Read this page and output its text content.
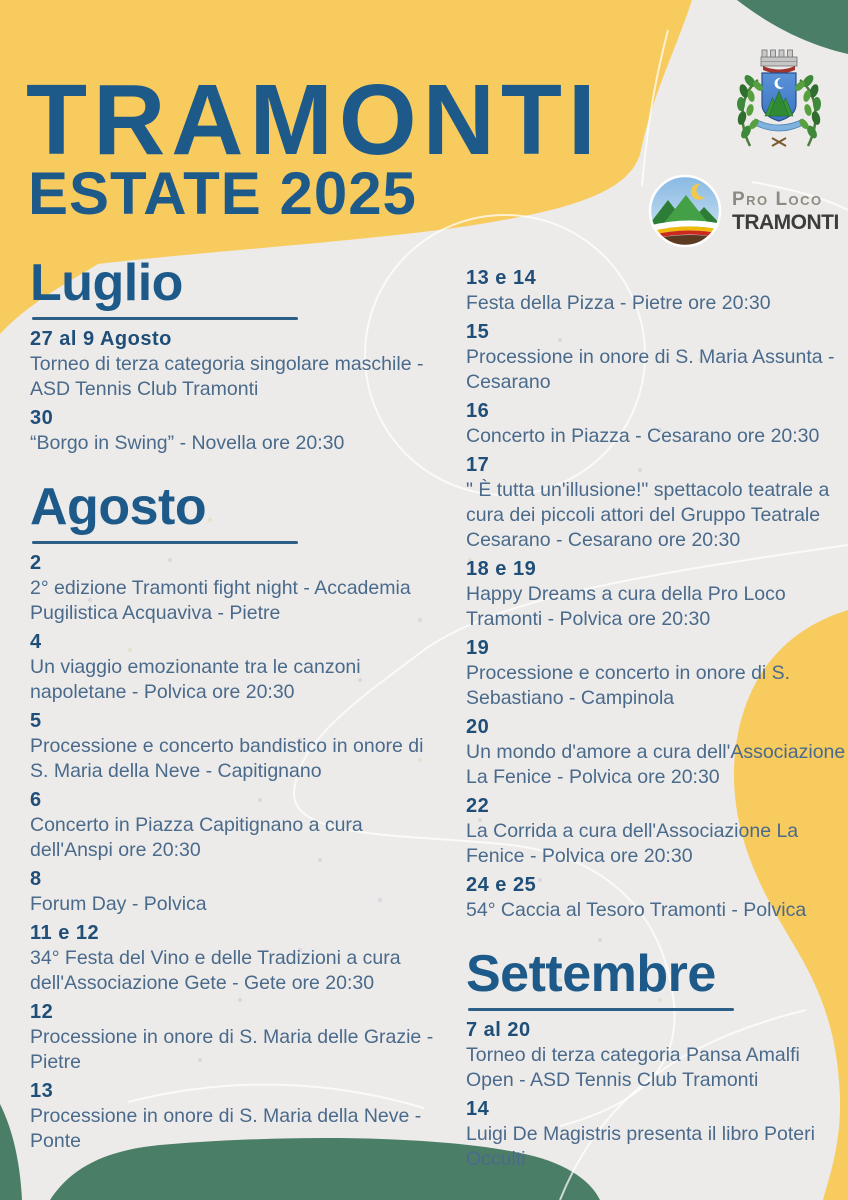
TRAMONTI
ESTATE 2025	Pro Loco
TRAMONTI
Luglio
27 al 9 Agosto
Torneo di terza categoria singolare maschile - ASD Tennis Club Tramonti
30
“Borgo in Swing” - Novella ore 20:30
Agosto
2
2° edizione Tramonti fight night - Accademia Pugilistica Acquaviva - Pietre
4
Un viaggio emozionante tra le canzoni napoletane - Polvica ore 20:30
5
Processione e concerto bandistico in onore di S. Maria della Neve - Capitignano
6
Concerto in Piazza Capitignano a cura dell'Anspi ore 20:30
8
Forum Day - Polvica
11 e 12
34° Festa del Vino e delle Tradizioni a cura dell'Associazione Gete - Gete ore 20:30
12
Processione in onore di S. Maria delle Grazie - Pietre
13
Processione in onore di S. Maria della Neve - Ponte
13 e 14
Festa della Pizza - Pietre ore 20:30
15
Processione in onore di S. Maria Assunta - Cesarano
16
Concerto in Piazza - Cesarano ore 20:30
17
" È tutta un'illusione!" spettacolo teatrale a cura dei piccoli attori del Gruppo Teatrale Cesarano - Cesarano ore 20:30
18 e 19
Happy Dreams a cura della Pro Loco Tramonti - Polvica ore 20:30
19
Processione e concerto in onore di S. Sebastiano - Campinola
20
Un mondo d'amore a cura dell'Associazione La Fenice - Polvica ore 20:30
22
La Corrida a cura dell'Associazione La Fenice - Polvica ore 20:30
24 e 25
54° Caccia al Tesoro Tramonti - Polvica
Settembre
7 al 20
Torneo di terza categoria Pansa Amalfi Open - ASD Tennis Club Tramonti
14
Luigi De Magistris presenta il libro Poteri Occulti
